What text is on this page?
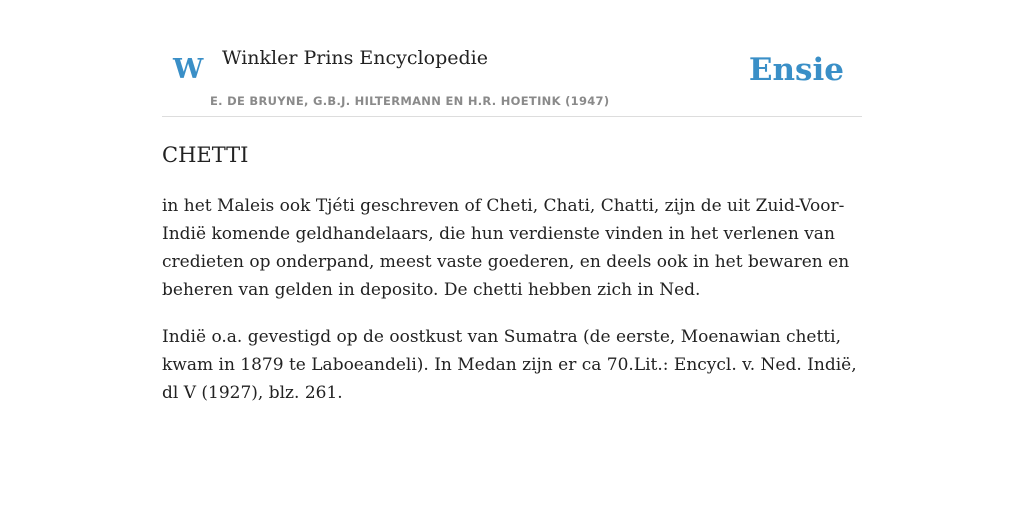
W Winkler Prins Encyclopedie
E. DE BRUYNE, G.B.J. HILTERMANN EN H.R. HOETINK (1947)
Ensie
CHETTI

in het Maleis ook Tjéti geschreven of Cheti, Chati, Chatti, zijn de uit Zuid-Voor-Indië komende geldhandelaars, die hun verdienste vinden in het verlenen van credieten op onderpand, meest vaste goederen, en deels ook in het bewaren en beheren van gelden in deposito. De chetti hebben zich in Ned.

Indië o.a. gevestigd op de oostkust van Sumatra (de eerste, Moenawian chetti, kwam in 1879 te Laboeandeli). In Medan zijn er ca 70.Lit.: Encycl. v. Ned. Indië, dl V (1927), blz. 261.
